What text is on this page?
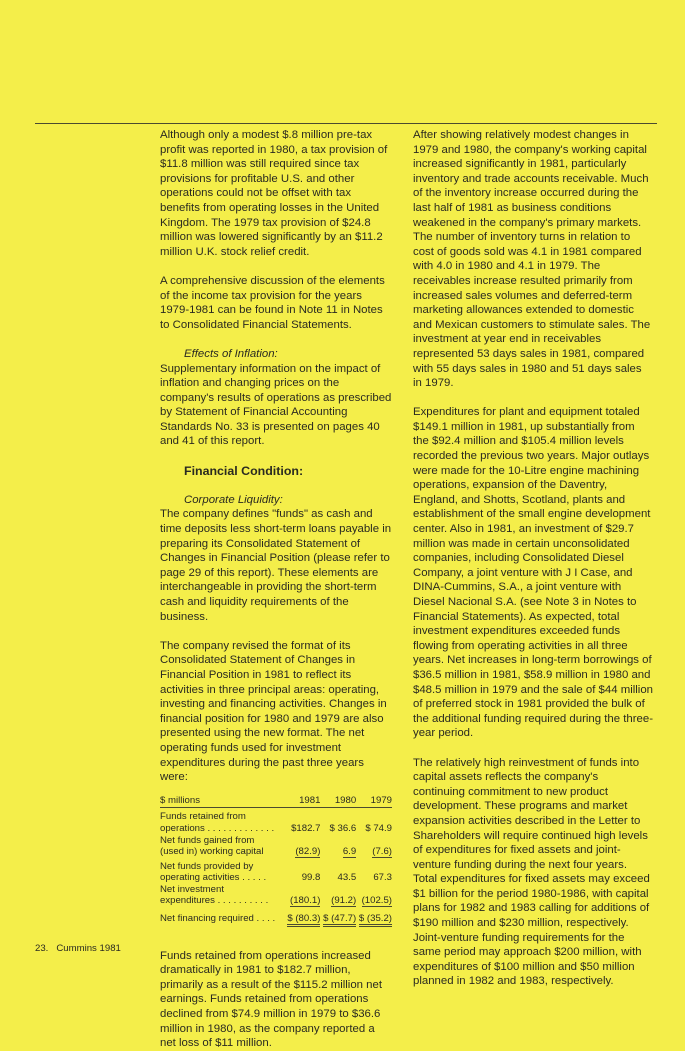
Although only a modest $.8 million pre-tax profit was reported in 1980, a tax provision of $11.8 million was still required since tax provisions for profitable U.S. and other operations could not be offset with tax benefits from operating losses in the United Kingdom. The 1979 tax provision of $24.8 million was lowered significantly by an $11.2 million U.K. stock relief credit.

A comprehensive discussion of the elements of the income tax provision for the years 1979-1981 can be found in Note 11 in Notes to Consolidated Financial Statements.

Effects of Inflation:

Supplementary information on the impact of inflation and changing prices on the company's results of operations as prescribed by Statement of Financial Accounting Standards No. 33 is presented on pages 40 and 41 of this report.

Financial Condition:

Corporate Liquidity:

The company defines "funds" as cash and time deposits less short-term loans payable in preparing its Consolidated Statement of Changes in Financial Position (please refer to page 29 of this report). These elements are interchangeable in providing the short-term cash and liquidity requirements of the business.

The company revised the format of its Consolidated Statement of Changes in Financial Position in 1981 to reflect its activities in three principal areas: operating, investing and financing activities. Changes in financial position for 1980 and 1979 are also presented using the new format. The net operating funds used for investment expenditures during the past three years were:

$ millions	1981	1980	1979
Funds retained from			
operations . . . . . . . . . . . . .	$182.7	$ 36.6	$ 74.9
Net funds gained from			
(used in) working capital	(82.9)	6.9	(7.6)
Net funds provided by			
operating activities . . . . .	99.8	43.5	67.3
Net investment			
expenditures . . . . . . . . . .	(180.1)	(91.2)	(102.5)
Net financing required . . . .	$ (80.3)	$ (47.7)	$ (35.2)

Funds retained from operations increased dramatically in 1981 to $182.7 million, primarily as a result of the $115.2 million net earnings. Funds retained from operations declined from $74.9 million in 1979 to $36.6 million in 1980, as the company reported a net loss of $11 million.

After showing relatively modest changes in 1979 and 1980, the company's working capital increased significantly in 1981, particularly inventory and trade accounts receivable. Much of the inventory increase occurred during the last half of 1981 as business conditions weakened in the company's primary markets. The number of inventory turns in relation to cost of goods sold was 4.1 in 1981 compared with 4.0 in 1980 and 4.1 in 1979. The receivables increase resulted primarily from increased sales volumes and deferred-term marketing allowances extended to domestic and Mexican customers to stimulate sales. The investment at year end in receivables represented 53 days sales in 1981, compared with 55 days sales in 1980 and 51 days sales in 1979.

Expenditures for plant and equipment totaled $149.1 million in 1981, up substantially from the $92.4 million and $105.4 million levels recorded the previous two years. Major outlays were made for the 10-Litre engine machining operations, expansion of the Daventry, England, and Shotts, Scotland, plants and establishment of the small engine development center. Also in 1981, an investment of $29.7 million was made in certain unconsolidated companies, including Consolidated Diesel Company, a joint venture with J I Case, and DINA-Cummins, S.A., a joint venture with Diesel Nacional S.A. (see Note 3 in Notes to Financial Statements). As expected, total investment expenditures exceeded funds flowing from operating activities in all three years. Net increases in long-term borrowings of $36.5 million in 1981, $58.9 million in 1980 and $48.5 million in 1979 and the sale of $44 million of preferred stock in 1981 provided the bulk of the additional funding required during the three-year period.

The relatively high reinvestment of funds into capital assets reflects the company's continuing commitment to new product development. These programs and market expansion activities described in the Letter to Shareholders will require continued high levels of expenditures for fixed assets and joint-venture funding during the next four years. Total expenditures for fixed assets may exceed $1 billion for the period 1980-1986, with capital plans for 1982 and 1983 calling for additions of $190 million and $230 million, respectively. Joint-venture funding requirements for the same period may approach $200 million, with expenditures of $100 million and $50 million planned in 1982 and 1983, respectively.

23. Cummins 1981
